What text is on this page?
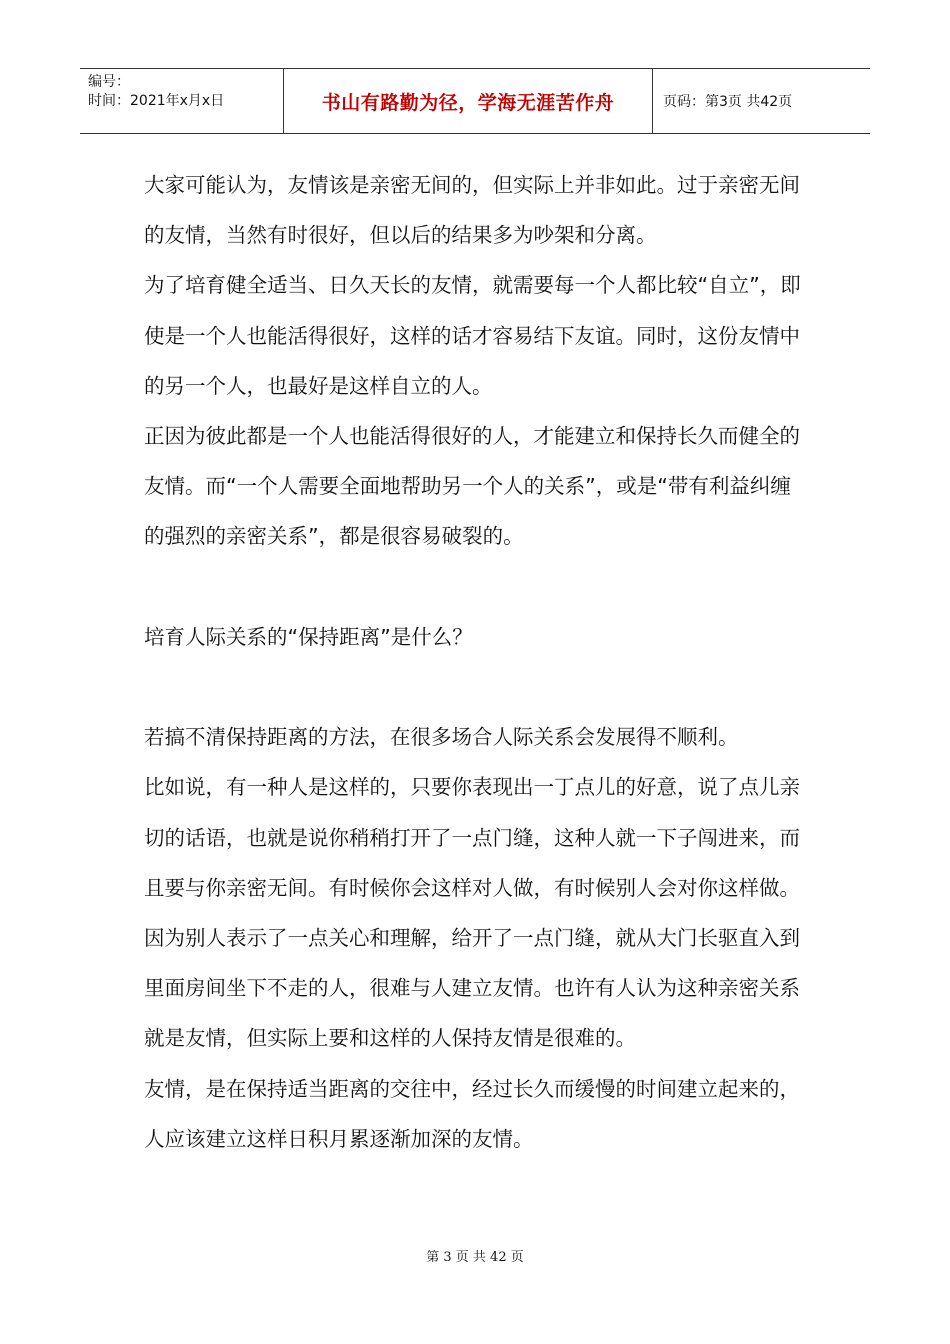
编号：
时间：2021年x月x日	书山有路勤为径，学海无涯苦作舟	页码：第3页 共42页

大家可能认为，友情该是亲密无间的，但实际上并非如此。过于亲密无间的友情，当然有时很好，但以后的结果多为吵架和分离。

为了培育健全适当、日久天长的友情，就需要每一个人都比较“自立”，即使是一个人也能活得很好，这样的话才容易结下友谊。同时，这份友情中的另一个人，也最好是这样自立的人。

正因为彼此都是一个人也能活得很好的人，才能建立和保持长久而健全的友情。而“一个人需要全面地帮助另一个人的关系”，或是“带有利益纠缠的强烈的亲密关系”，都是很容易破裂的。

培育人际关系的“保持距离”是什么？

若搞不清保持距离的方法，在很多场合人际关系会发展得不顺利。

比如说，有一种人是这样的，只要你表现出一丁点儿的好意，说了点儿亲切的话语，也就是说你稍稍打开了一点门缝，这种人就一下子闯进来，而且要与你亲密无间。有时候你会这样对人做，有时候别人会对你这样做。

因为别人表示了一点关心和理解，给开了一点门缝，就从大门长驱直入到里面房间坐下不走的人，很难与人建立友情。也许有人认为这种亲密关系就是友情，但实际上要和这样的人保持友情是很难的。

友情，是在保持适当距离的交往中，经过长久而缓慢的时间建立起来的，人应该建立这样日积月累逐渐加深的友情。

第 3 页 共 42 页
